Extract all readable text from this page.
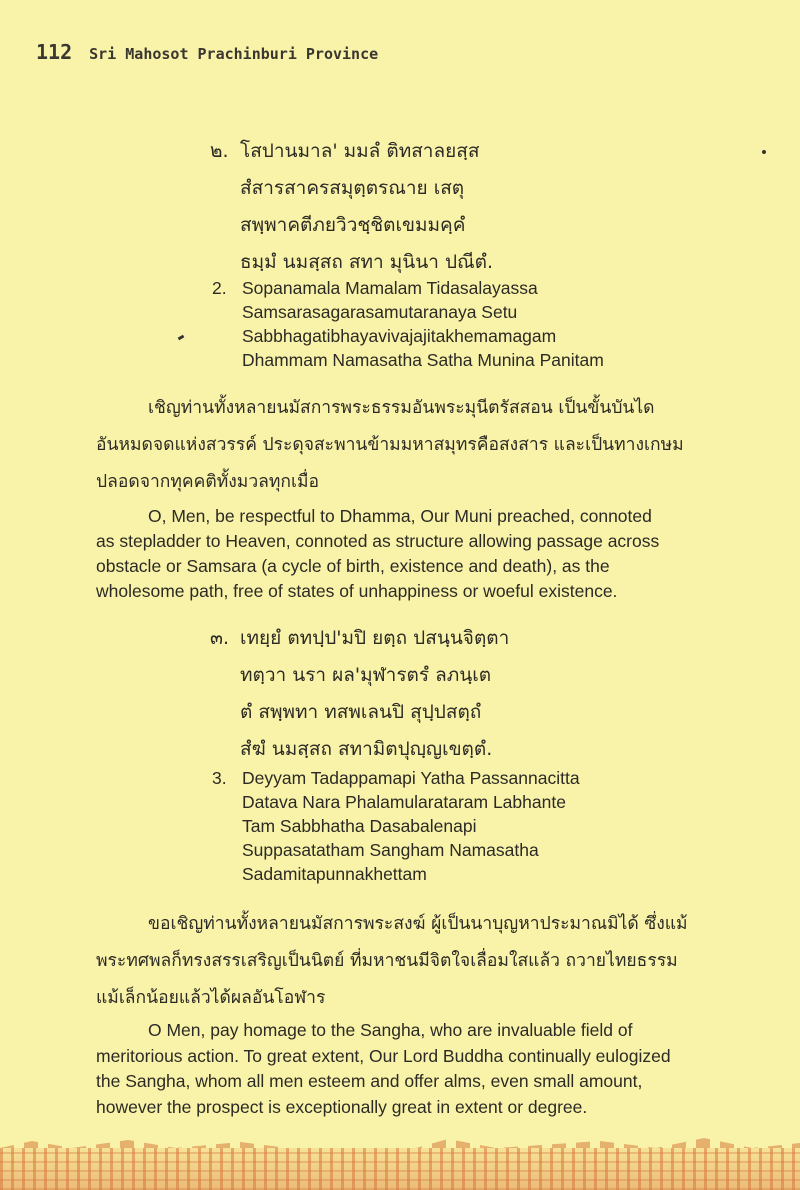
112 Sri Mahosot Prachinburi Province
๒. โสปานมาล' มมลํ ติทสาลยสฺส
สํสารสาครสมุตฺตรณาย เสตุ
สพฺพาคตีภยวิวชฺชิตเขมมคฺคํ
ธมฺมํ นมสฺสถ สทา มุนินา ปณีตํ.
2. Sopanamala Mamalam Tidasalayassa
Samsarasagarasamutaranaya Setu
Sabbhagatibhayavivajajitakhemamagam
Dhammam Namasatha Satha Munina Panitam
เชิญท่านทั้งหลายนมัสการพระธรรมอันพระมุนีตรัสสอน เป็นขั้นบันได
อันหมดจดแห่งสวรรค์ ประดุจสะพานข้ามมหาสมุทรคือสงสาร และเป็นทางเกษม
ปลอดจากทุคคติทั้งมวลทุกเมื่อ
O, Men, be respectful to Dhamma, Our Muni preached, connoted
as stepladder to Heaven, connoted as structure allowing passage across
obstacle or Samsara (a cycle of birth, existence and death), as the
wholesome path, free of states of unhappiness or woeful existence.
๓. เทยฺยํ ตทปฺป'มปิ ยตฺถ ปสนฺนจิตฺตา
ทตฺวา นรา ผล'มุฬารตรํ ลภนฺเต
ตํ สพฺพทา ทสพเลนปิ สุปฺปสตฺถํ
สํฆํ นมสฺสถ สทามิตปุญฺญเขตฺตํ.
3. Deyyam Tadappamapi Yatha Passannacitta
Datava Nara Phalamularataram Labhante
Tam Sabbhatha Dasabalenapi
Suppasatatham Sangham Namasatha
Sadamitapunnakhettam
ขอเชิญท่านทั้งหลายนมัสการพระสงฆ์ ผู้เป็นนาบุญหาประมาณมิได้ ซึ่งแม้
พระทศพลก็ทรงสรรเสริญเป็นนิตย์ ที่มหาชนมีจิตใจเลื่อมใสแล้ว ถวายไทยธรรม
แม้เล็กน้อยแล้วได้ผลอันโอฬาร
O Men, pay homage to the Sangha, who are invaluable field of
meritorious action. To great extent, Our Lord Buddha continually eulogized
the Sangha, whom all men esteem and offer alms, even small amount,
however the prospect is exceptionally great in extent or degree.
